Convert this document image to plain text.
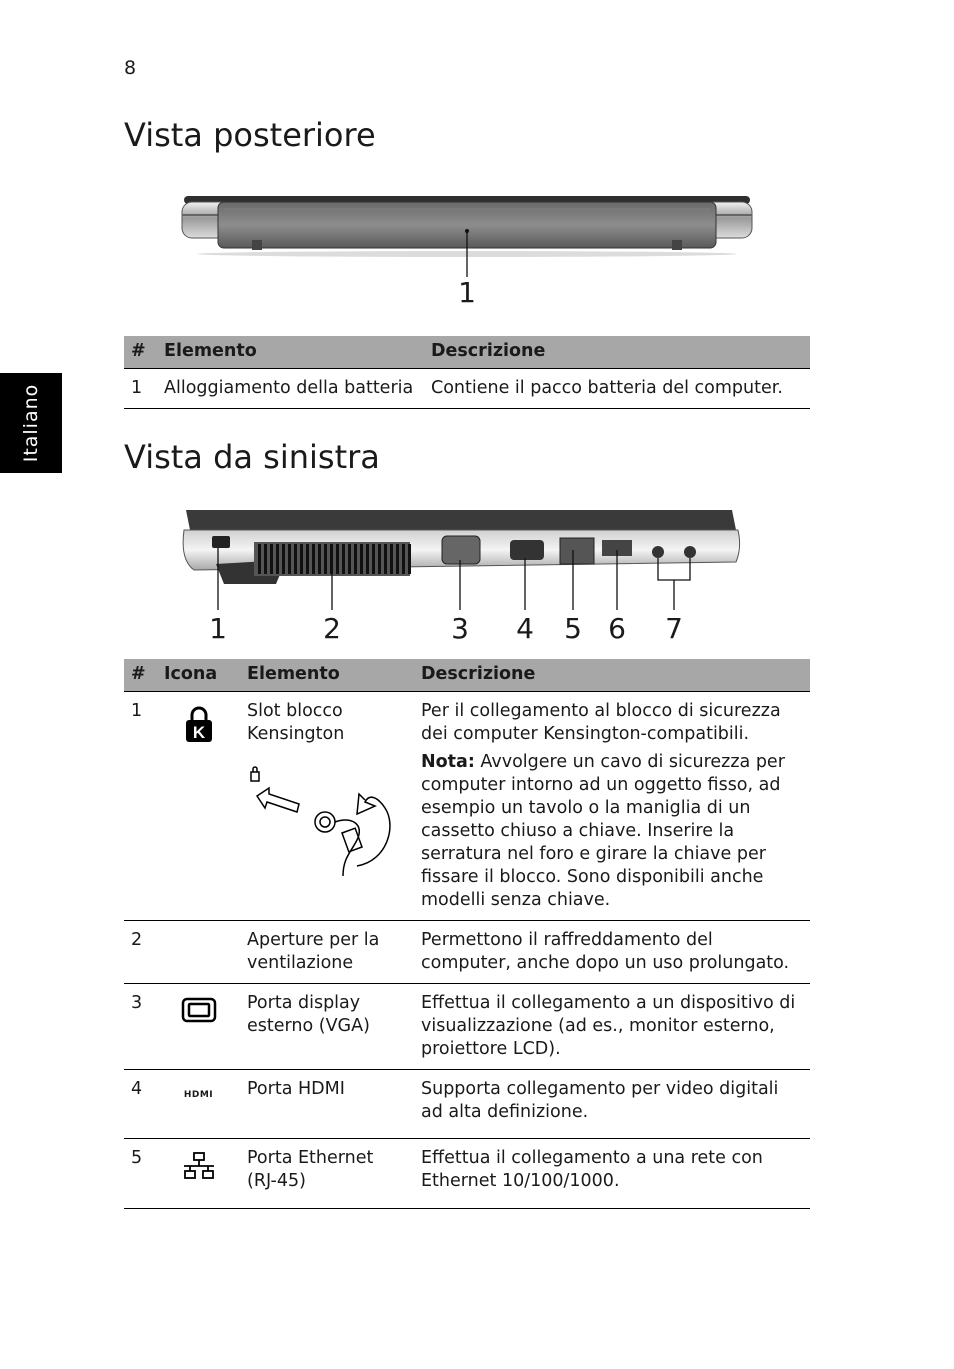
8
Italiano
Vista posteriore
1
#	Elemento	Descrizione
1	Alloggiamento della batteria	Contiene il pacco batteria del computer.
Vista da sinistra
1	2	3 4 5 6 7
#	Icona	Elemento	Descrizione
1	K	Slot blocco Kensington	Per il collegamento al blocco di sicurezza dei computer Kensington-compatibili.
Nota: Avvolgere un cavo di sicurezza per computer intorno ad un oggetto fisso, ad esempio un tavolo o la maniglia di un cassetto chiuso a chiave. Inserire la serratura nel foro e girare la chiave per fissare il blocco. Sono disponibili anche modelli senza chiave.

2		Aperture per la ventilazione	Permettono il raffreddamento del computer, anche dopo un uso prolungato.
3		Porta display esterno (VGA)	Effettua il collegamento a un dispositivo di visualizzazione (ad es., monitor esterno, proiettore LCD).
4	HDMI	Porta HDMI	Supporta collegamento per video digitali ad alta definizione.
5		Porta Ethernet (RJ-45)	Effettua il collegamento a una rete con Ethernet 10/100/1000.
